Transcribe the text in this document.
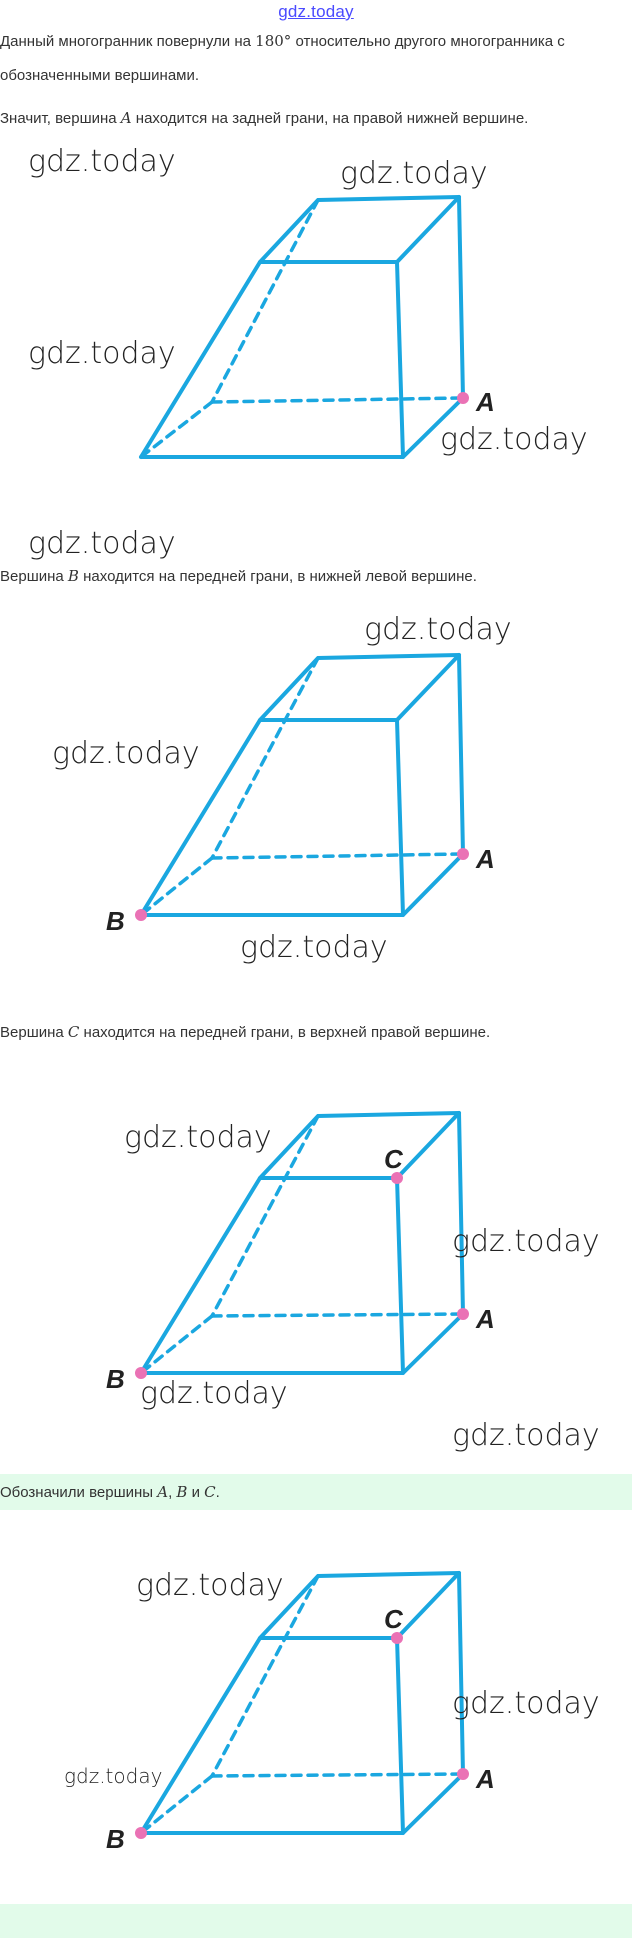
gdz.today
Данный многогранник повернули на 180° относительно другого многогранника с обозначенными вершинами.
Значит, вершина A находится на задней грани, на правой нижней вершине.
A
gdz.today	gdz.today
gdz.today
gdz.today
gdz.today
Вершина B находится на передней грани, в нижней левой вершине.
A
B
gdz.today
gdz.today
gdz.today
Вершина C находится на передней грани, в верхней правой вершине.
C
A
B
gdz.today
gdz.today
gdz.today
gdz.today
Обозначили вершины A, B и C.
C
A
B
gdz.today
gdz.today
gdz.today
